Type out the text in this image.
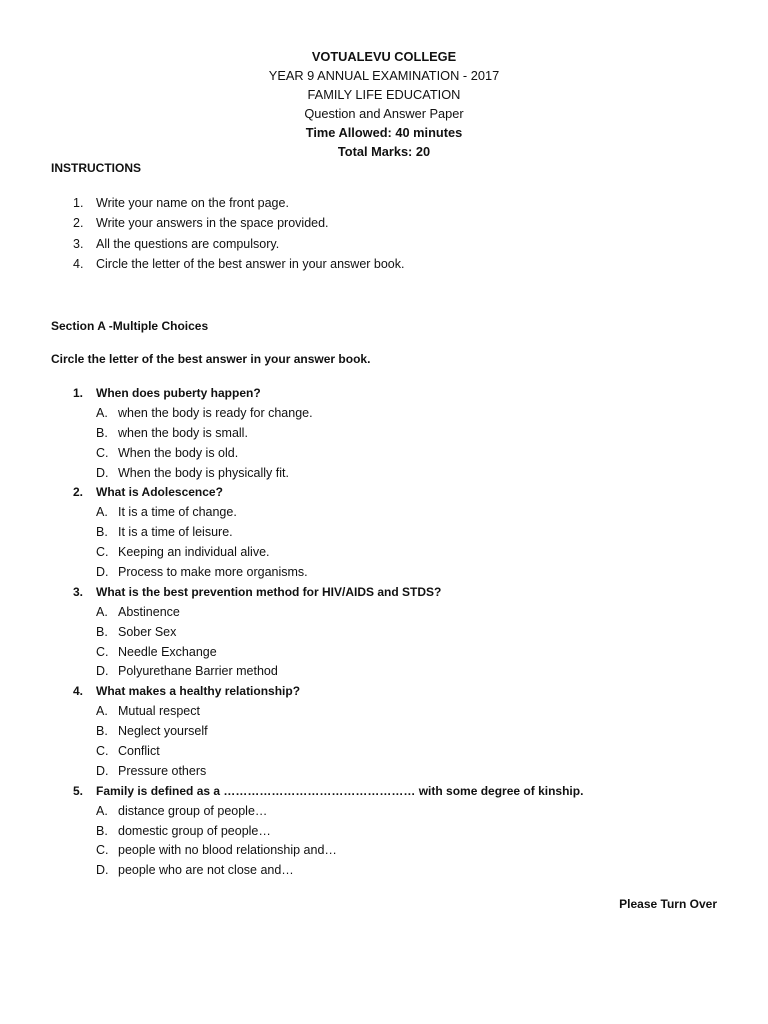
VOTUALEVU COLLEGE
YEAR 9 ANNUAL EXAMINATION - 2017
FAMILY LIFE EDUCATION
Question and Answer Paper
Time Allowed: 40 minutes
Total Marks: 20
INSTRUCTIONS
1. Write your name on the front page.
2. Write your answers in the space provided.
3. All the questions are compulsory.
4. Circle the letter of the best answer in your answer book.
Section A -Multiple Choices
Circle the letter of the best answer in your answer book.
1. When does puberty happen?
A. when the body is ready for change.
B. when the body is small.
C. When the body is old.
D. When the body is physically fit.
2. What is Adolescence?
A. It is a time of change.
B. It is a time of leisure.
C. Keeping an individual alive.
D. Process to make more organisms.
3. What is the best prevention method for HIV/AIDS and STDS?
A. Abstinence
B. Sober Sex
C. Needle Exchange
D. Polyurethane Barrier method
4. What makes a healthy relationship?
A. Mutual respect
B. Neglect yourself
C. Conflict
D. Pressure others
5. Family is defined as a ………………………………………… with some degree of kinship.
A. distance group of people…
B. domestic group of people…
C. people with no blood relationship and…
D. people who are not close and…
Please Turn Over
